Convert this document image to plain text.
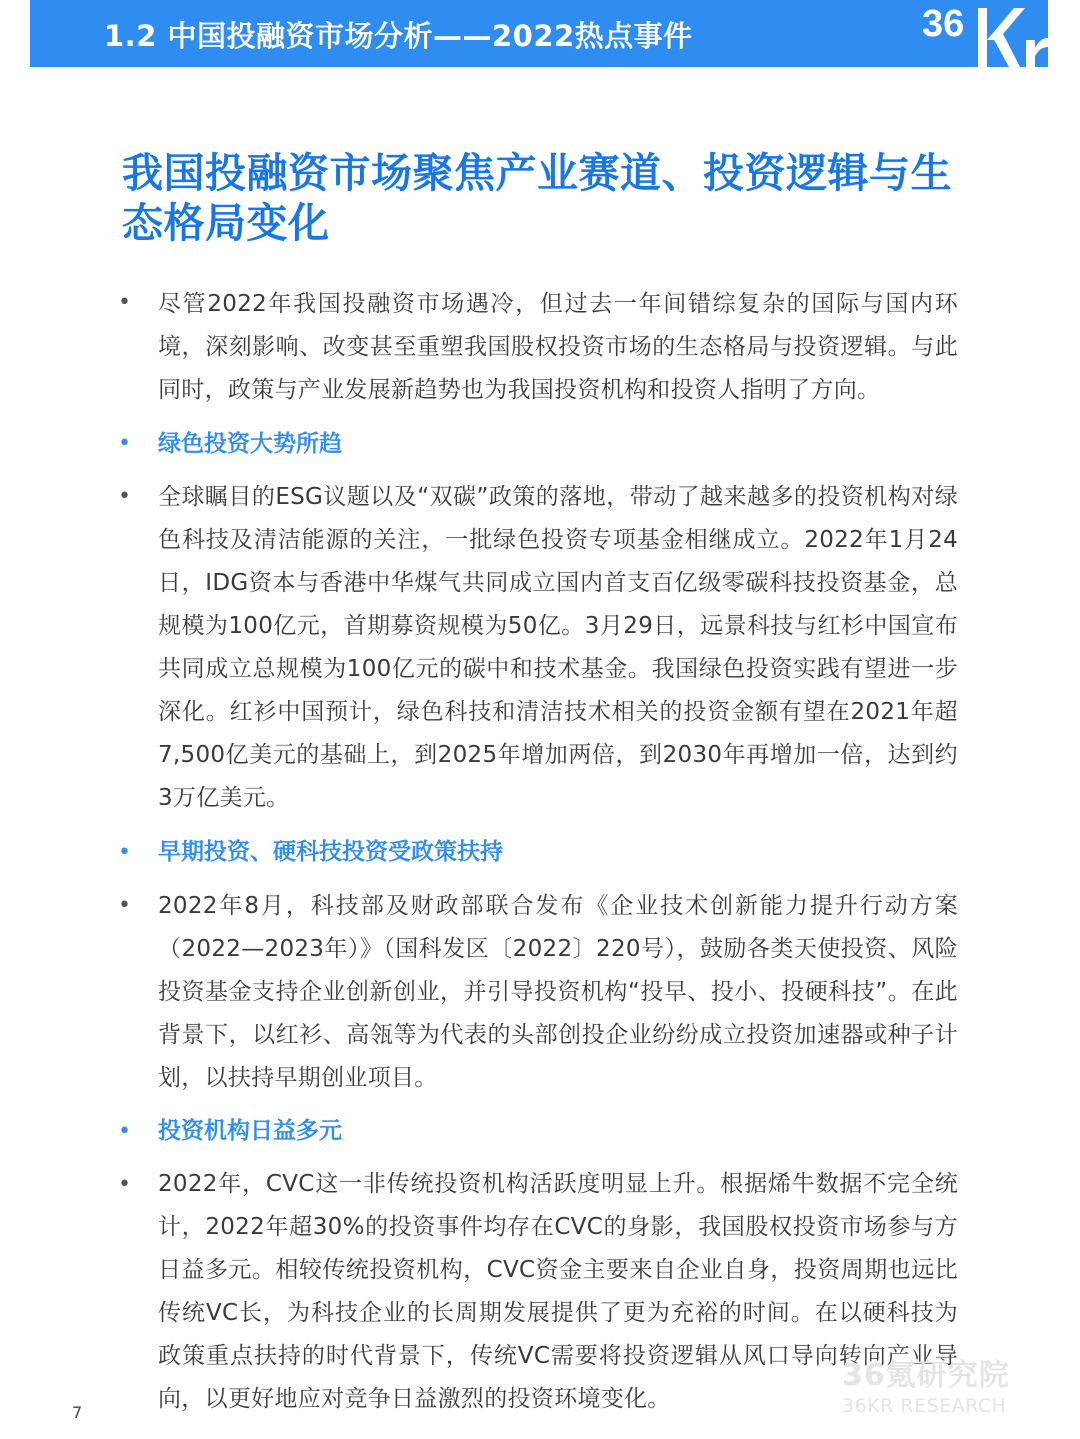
1.2 中国投融资市场分析——2022热点事件	36
我国投融资市场聚焦产业赛道、投资逻辑与生态格局变化
• 尽管2022年我国投融资市场遇冷，但过去一年间错综复杂的国际与国内环境，深刻影响、改变甚至重塑我国股权投资市场的生态格局与投资逻辑。与此同时，政策与产业发展新趋势也为我国投资机构和投资人指明了方向。
• 绿色投资大势所趋
• 全球瞩目的ESG议题以及“双碳”政策的落地，带动了越来越多的投资机构对绿色科技及清洁能源的关注，一批绿色投资专项基金相继成立。2022年1月24日，IDG资本与香港中华煤气共同成立国内首支百亿级零碳科技投资基金，总规模为100亿元，首期募资规模为50亿。3月29日，远景科技与红杉中国宣布共同成立总规模为100亿元的碳中和技术基金。我国绿色投资实践有望进一步深化。红衫中国预计，绿色科技和清洁技术相关的投资金额有望在2021年超7,500亿美元的基础上，到2025年增加两倍，到2030年再增加一倍，达到约3万亿美元。
• 早期投资、硬科技投资受政策扶持
• 2022年8月，科技部及财政部联合发布《企业技术创新能力提升行动方案（2022—2023年）》（国科发区〔2022〕220号），鼓励各类天使投资、风险投资基金支持企业创新创业，并引导投资机构“投早、投小、投硬科技”。在此背景下，以红衫、高瓴等为代表的头部创投企业纷纷成立投资加速器或种子计划，以扶持早期创业项目。
• 投资机构日益多元
• 2022年，CVC这一非传统投资机构活跃度明显上升。根据烯牛数据不完全统计，2022年超30%的投资事件均存在CVC的身影，我国股权投资市场参与方日益多元。相较传统投资机构，CVC资金主要来自企业自身，投资周期也远比传统VC长，为科技企业的长周期发展提供了更为充裕的时间。在以硬科技为政策重点扶持的时代背景下，传统VC需要将投资逻辑从风口导向转向产业导向，以更好地应对竞争日益激烈的投资环境变化。
36氪研究院
36KR RESEARCH
7
